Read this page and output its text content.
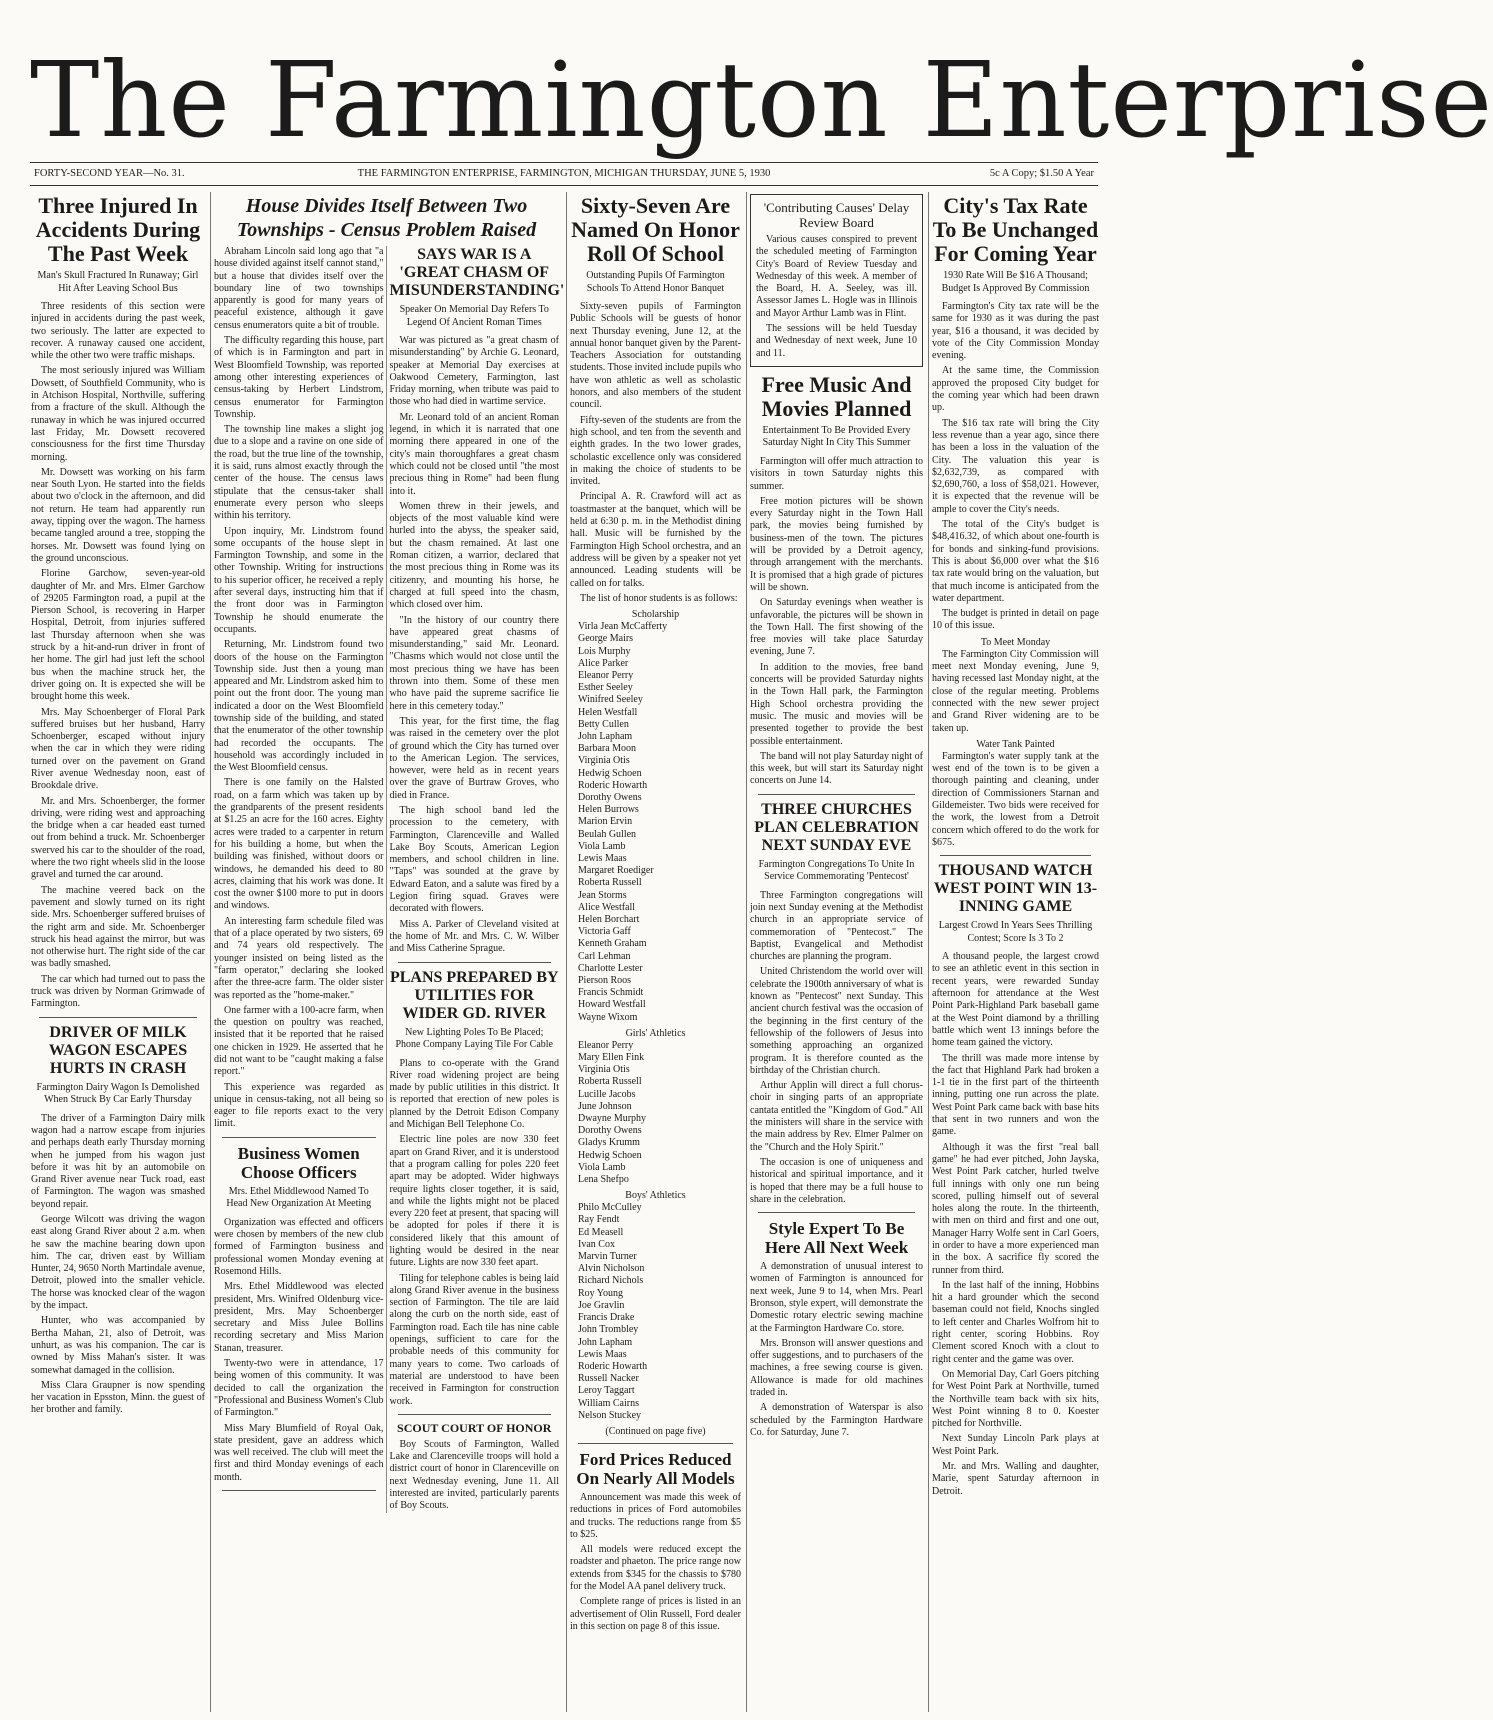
The Farmington Enterprise
FORTY-SECOND YEAR—No. 31.	THE FARMINGTON ENTERPRISE, FARMINGTON, MICHIGAN THURSDAY, JUNE 5, 1930	5c A Copy; $1.50 A Year
Three Injured In Accidents During The Past Week
Man's Skull Fractured In Runaway; Girl Hit After Leaving School Bus

Three residents of this section were injured in accidents during the past week, two seriously. The latter are expected to recover. A runaway caused one accident, while the other two were traffic mishaps.

The most seriously injured was William Dowsett, of Southfield Community, who is in Atchison Hospital, Northville, suffering from a fracture of the skull. Although the runaway in which he was injured occurred last Friday, Mr. Dowsett recovered consciousness for the first time Thursday morning.

Mr. Dowsett was working on his farm near South Lyon. He started into the fields about two o'clock in the afternoon, and did not return. He team had apparently run away, tipping over the wagon. The harness became tangled around a tree, stopping the horses. Mr. Dowsett was found lying on the ground unconscious.

Florine Garchow, seven-year-old daughter of Mr. and Mrs. Elmer Garchow of 29205 Farmington road, a pupil at the Pierson School, is recovering in Harper Hospital, Detroit, from injuries suffered last Thursday afternoon when she was struck by a hit-and-run driver in front of her home. The girl had just left the school bus when the machine struck her, the driver going on. It is expected she will be brought home this week.

Mrs. May Schoenberger of Floral Park suffered bruises but her husband, Harry Schoenberger, escaped without injury when the car in which they were riding turned over on the pavement on Grand River avenue Wednesday noon, east of Brookdale drive.

Mr. and Mrs. Schoenberger, the former driving, were riding west and approaching the bridge when a car headed east turned out from behind a truck. Mr. Schoenberger swerved his car to the shoulder of the road, where the two right wheels slid in the loose gravel and turned the car around.

The machine veered back on the pavement and slowly turned on its right side. Mrs. Schoenberger suffered bruises of the right arm and side. Mr. Schoenberger struck his head against the mirror, but was not otherwise hurt. The right side of the car was badly smashed.

The car which had turned out to pass the truck was driven by Norman Grimwade of Farmington.

DRIVER OF MILK WAGON ESCAPES HURTS IN CRASH
Farmington Dairy Wagon Is Demolished When Struck By Car Early Thursday

The driver of a Farmington Dairy milk wagon had a narrow escape from injuries and perhaps death early Thursday morning when he jumped from his wagon just before it was hit by an automobile on Grand River avenue near Tuck road, east of Farmington. The wagon was smashed beyond repair.

George Wilcott was driving the wagon east along Grand River about 2 a.m. when he saw the machine bearing down upon him. The car, driven east by William Hunter, 24, 9650 North Martindale avenue, Detroit, plowed into the smaller vehicle. The horse was knocked clear of the wagon by the impact.

Hunter, who was accompanied by Bertha Mahan, 21, also of Detroit, was unhurt, as was his companion. The car is owned by Miss Mahan's sister. It was somewhat damaged in the collision.

Miss Clara Graupner is now spending her vacation in Epsston, Minn. the guest of her brother and family.

House Divides Itself Between Two Townships - Census Problem Raised

Abraham Lincoln said long ago that "a house divided against itself cannot stand," but a house that divides itself over the boundary line of two townships apparently is good for many years of peaceful existence, although it gave census enumerators quite a bit of trouble.

The difficulty regarding this house, part of which is in Farmington and part in West Bloomfield Township, was reported among other interesting experiences of census-taking by Herbert Lindstrom, census enumerator for Farmington Township.

The township line makes a slight jog due to a slope and a ravine on one side of the road, but the true line of the township, it is said, runs almost exactly through the center of the house. The census laws stipulate that the census-taker shall enumerate every person who sleeps within his territory.

Upon inquiry, Mr. Lindstrom found some occupants of the house slept in Farmington Township, and some in the other Township. Writing for instructions to his superior officer, he received a reply after several days, instructing him that if the front door was in Farmington Township he should enumerate the occupants.

Returning, Mr. Lindstrom found two doors of the house on the Farmington Township side. Just then a young man appeared and Mr. Lindstrom asked him to point out the front door. The young man indicated a door on the West Bloomfield township side of the building, and stated that the enumerator of the other township had recorded the occupants. The household was accordingly included in the West Bloomfield census.

There is one family on the Halsted road, on a farm which was taken up by the grandparents of the present residents at $1.25 an acre for the 160 acres. Eighty acres were traded to a carpenter in return for his building a home, but when the building was finished, without doors or windows, he demanded his deed to 80 acres, claiming that his work was done. It cost the owner $100 more to put in doors and windows.

An interesting farm schedule filed was that of a place operated by two sisters, 69 and 74 years old respectively. The younger insisted on being listed as the "farm operator," declaring she looked after the three-acre farm. The older sister was reported as the "home-maker."

One farmer with a 100-acre farm, when the question on poultry was reached, insisted that it be reported that he raised one chicken in 1929. He asserted that he did not want to be "caught making a false report."

This experience was regarded as unique in census-taking, not all being so eager to file reports exact to the very limit.

Business Women Choose Officers
Mrs. Ethel Middlewood Named To Head New Organization At Meeting

Organization was effected and officers were chosen by members of the new club formed of Farmington business and professional women Monday evening at Rosemond Hills.

Mrs. Ethel Middlewood was elected president, Mrs. Winifred Oldenburg vice-president, Mrs. May Schoenberger secretary and Miss Julee Bollins recording secretary and Miss Marion Stanan, treasurer.

Twenty-two were in attendance, 17 being women of this community. It was decided to call the organization the "Professional and Business Women's Club of Farmington."

Miss Mary Blumfield of Royal Oak, state president, gave an address which was well received. The club will meet the first and third Monday evenings of each month.

SAYS WAR IS A 'GREAT CHASM OF MISUNDERSTANDING'
Speaker On Memorial Day Refers To Legend Of Ancient Roman Times

War was pictured as "a great chasm of misunderstanding" by Archie G. Leonard, speaker at Memorial Day exercises at Oakwood Cemetery, Farmington, last Friday morning, when tribute was paid to those who had died in wartime service.

Mr. Leonard told of an ancient Roman legend, in which it is narrated that one morning there appeared in one of the city's main thoroughfares a great chasm which could not be closed until "the most precious thing in Rome" had been flung into it.

Women threw in their jewels, and objects of the most valuable kind were hurled into the abyss, the speaker said, but the chasm remained. At last one Roman citizen, a warrior, declared that the most precious thing in Rome was its citizenry, and mounting his horse, he charged at full speed into the chasm, which closed over him.

"In the history of our country there have appeared great chasms of misunderstanding," said Mr. Leonard. "Chasms which would not close until the most precious thing we have has been thrown into them. Some of these men who have paid the supreme sacrifice lie here in this cemetery today."

This year, for the first time, the flag was raised in the cemetery over the plot of ground which the City has turned over to the American Legion. The services, however, were held as in recent years over the grave of Burtraw Groves, who died in France.

The high school band led the procession to the cemetery, with Farmington, Clarenceville and Walled Lake Boy Scouts, American Legion members, and school children in line. "Taps" was sounded at the grave by Edward Eaton, and a salute was fired by a Legion firing squad. Graves were decorated with flowers.

Miss A. Parker of Cleveland visited at the home of Mr. and Mrs. C. W. Wilber and Miss Catherine Sprague.

PLANS PREPARED BY UTILITIES FOR WIDER GD. RIVER
New Lighting Poles To Be Placed; Phone Company Laying Tile For Cable

Plans to co-operate with the Grand River road widening project are being made by public utilities in this district. It is reported that erection of new poles is planned by the Detroit Edison Company and Michigan Bell Telephone Co.

Electric line poles are now 330 feet apart on Grand River, and it is understood that a program calling for poles 220 feet apart may be adopted. Wider highways require lights closer together, it is said, and while the lights might not be placed every 220 feet at present, that spacing will be adopted for poles if there it is considered likely that this amount of lighting would be desired in the near future. Lights are now 330 feet apart.

Tiling for telephone cables is being laid along Grand River avenue in the business section of Farmington. The tile are laid along the curb on the north side, east of Farmington road. Each tile has nine cable openings, sufficient to care for the probable needs of this community for many years to come. Two carloads of material are understood to have been received in Farmington for construction work.

SCOUT COURT OF HONOR

Boy Scouts of Farmington, Walled Lake and Clarenceville troops will hold a district court of honor in Clarenceville on next Wednesday evening, June 11. All interested are invited, particularly parents of Boy Scouts.

Sixty-Seven Are Named On Honor Roll Of School
Outstanding Pupils Of Farmington Schools To Attend Honor Banquet

Sixty-seven pupils of Farmington Public Schools will be guests of honor next Thursday evening, June 12, at the annual honor banquet given by the Parent-Teachers Association for outstanding students. Those invited include pupils who have won athletic as well as scholastic honors, and also members of the student council.

Fifty-seven of the students are from the high school, and ten from the seventh and eighth grades. In the two lower grades, scholastic excellence only was considered in making the choice of students to be invited.

Principal A. R. Crawford will act as toastmaster at the banquet, which will be held at 6:30 p. m. in the Methodist dining hall. Music will be furnished by the Farmington High School orchestra, and an address will be given by a speaker not yet announced. Leading students will be called on for talks.

The list of honor students is as follows:

Scholarship
Virla Jean McCafferty
George Mairs
Lois Murphy
Alice Parker
Eleanor Perry
Esther Seeley
Winifred Seeley
Helen Westfall
Betty Cullen
John Lapham
Barbara Moon
Virginia Otis
Hedwig Schoen
Roderic Howarth
Dorothy Owens
Helen Burrows
Marion Ervin
Beulah Gullen
Viola Lamb
Lewis Maas
Margaret Roediger
Roberta Russell
Jean Storms
Alice Westfall
Helen Borchart
Victoria Gaff
Kenneth Graham
Carl Lehman
Charlotte Lester
Pierson Roos
Francis Schmidt
Howard Westfall
Wayne Wixom
Girls' Athletics
Eleanor Perry
Mary Ellen Fink
Virginia Otis
Roberta Russell
Lucille Jacobs
June Johnson
Dwayne Murphy
Dorothy Owens
Gladys Krumm
Hedwig Schoen
Viola Lamb
Lena Shefpo
Boys' Athletics
Philo McCulley
Ray Fendt
Ed Measell
Ivan Cox
Marvin Turner
Alvin Nicholson
Richard Nichols
Roy Young
Joe Gravlin
Francis Drake
John Trombley
John Lapham
Lewis Maas
Roderic Howarth
Russell Nacker
Leroy Taggart
William Cairns
Nelson Stuckey
(Continued on page five)
Ford Prices Reduced On Nearly All Models

Announcement was made this week of reductions in prices of Ford automobiles and trucks. The reductions range from $5 to $25.

All models were reduced except the roadster and phaeton. The price range now extends from $345 for the chassis to $780 for the Model AA panel delivery truck.

Complete range of prices is listed in an advertisement of Olin Russell, Ford dealer in this section on page 8 of this issue.

'Contributing Causes' Delay Review Board

Various causes conspired to prevent the scheduled meeting of Farmington City's Board of Review Tuesday and Wednesday of this week. A member of the Board, H. A. Seeley, was ill. Assessor James L. Hogle was in Illinois and Mayor Arthur Lamb was in Flint.

The sessions will be held Tuesday and Wednesday of next week, June 10 and 11.

Free Music And Movies Planned
Entertainment To Be Provided Every Saturday Night In City This Summer

Farmington will offer much attraction to visitors in town Saturday nights this summer.

Free motion pictures will be shown every Saturday night in the Town Hall park, the movies being furnished by business-men of the town. The pictures will be provided by a Detroit agency, through arrangement with the merchants. It is promised that a high grade of pictures will be shown.

On Saturday evenings when weather is unfavorable, the pictures will be shown in the Town Hall. The first showing of the free movies will take place Saturday evening, June 7.

In addition to the movies, free band concerts will be provided Saturday nights in the Town Hall park, the Farmington High School orchestra providing the music. The music and movies will be presented together to provide the best possible entertainment.

The band will not play Saturday night of this week, but will start its Saturday night concerts on June 14.

THREE CHURCHES PLAN CELEBRATION NEXT SUNDAY EVE
Farmington Congregations To Unite In Service Commemorating 'Pentecost'

Three Farmington congregations will join next Sunday evening at the Methodist church in an appropriate service of commemoration of "Pentecost." The Baptist, Evangelical and Methodist churches are planning the program.

United Christendom the world over will celebrate the 1900th anniversary of what is known as "Pentecost" next Sunday. This ancient church festival was the occasion of the beginning in the first century of the fellowship of the followers of Jesus into something approaching an organized program. It is therefore counted as the birthday of the Christian church.

Arthur Applin will direct a full chorus-choir in singing parts of an appropriate cantata entitled the "Kingdom of God." All the ministers will share in the service with the main address by Rev. Elmer Palmer on the "Church and the Holy Spirit."

The occasion is one of uniqueness and historical and spiritual importance, and it is hoped that there may be a full house to share in the celebration.

Style Expert To Be Here All Next Week

A demonstration of unusual interest to women of Farmington is announced for next week, June 9 to 14, when Mrs. Pearl Bronson, style expert, will demonstrate the Domestic rotary electric sewing machine at the Farmington Hardware Co. store.

Mrs. Bronson will answer questions and offer suggestions, and to purchasers of the machines, a free sewing course is given. Allowance is made for old machines traded in.

A demonstration of Waterspar is also scheduled by the Farmington Hardware Co. for Saturday, June 7.

City's Tax Rate To Be Unchanged For Coming Year
1930 Rate Will Be $16 A Thousand; Budget Is Approved By Commission

Farmington's City tax rate will be the same for 1930 as it was during the past year, $16 a thousand, it was decided by vote of the City Commission Monday evening.

At the same time, the Commission approved the proposed City budget for the coming year which had been drawn up.

The $16 tax rate will bring the City less revenue than a year ago, since there has been a loss in the valuation of the City. The valuation this year is $2,632,739, as compared with $2,690,760, a loss of $58,021. However, it is expected that the revenue will be ample to cover the City's needs.

The total of the City's budget is $48,416.32, of which about one-fourth is for bonds and sinking-fund provisions. This is about $6,000 over what the $16 tax rate would bring on the valuation, but that much income is anticipated from the water department.

The budget is printed in detail on page 10 of this issue.

To Meet Monday

The Farmington City Commission will meet next Monday evening, June 9, having recessed last Monday night, at the close of the regular meeting. Problems connected with the new sewer project and Grand River widening are to be taken up.

Water Tank Painted

Farmington's water supply tank at the west end of the town is to be given a thorough painting and cleaning, under direction of Commissioners Starnan and Gildemeister. Two bids were received for the work, the lowest from a Detroit concern which offered to do the work for $675.

THOUSAND WATCH WEST POINT WIN 13-INNING GAME
Largest Crowd In Years Sees Thrilling Contest; Score Is 3 To 2

A thousand people, the largest crowd to see an athletic event in this section in recent years, were rewarded Sunday afternoon for attendance at the West Point Park-Highland Park baseball game at the West Point diamond by a thrilling battle which went 13 innings before the home team gained the victory.

The thrill was made more intense by the fact that Highland Park had broken a 1-1 tie in the first part of the thirteenth inning, putting one run across the plate. West Point Park came back with base hits that sent in two runners and won the game.

Although it was the first "real ball game" he had ever pitched, John Jayska, West Point Park catcher, hurled twelve full innings with only one run being scored, pulling himself out of several holes along the route. In the thirteenth, with men on third and first and one out, Manager Harry Wolfe sent in Carl Goers, in order to have a more experienced man in the box. A sacrifice fly scored the runner from third.

In the last half of the inning, Hobbins hit a hard grounder which the second baseman could not field, Knochs singled to left center and Charles Wolfrom hit to right center, scoring Hobbins. Roy Clement scored Knoch with a clout to right center and the game was over.

On Memorial Day, Carl Goers pitching for West Point Park at Northville, turned the Northville team back with six hits, West Point winning 8 to 0. Koester pitched for Northville.

Next Sunday Lincoln Park plays at West Point Park.

Mr. and Mrs. Walling and daughter, Marie, spent Saturday afternoon in Detroit.
